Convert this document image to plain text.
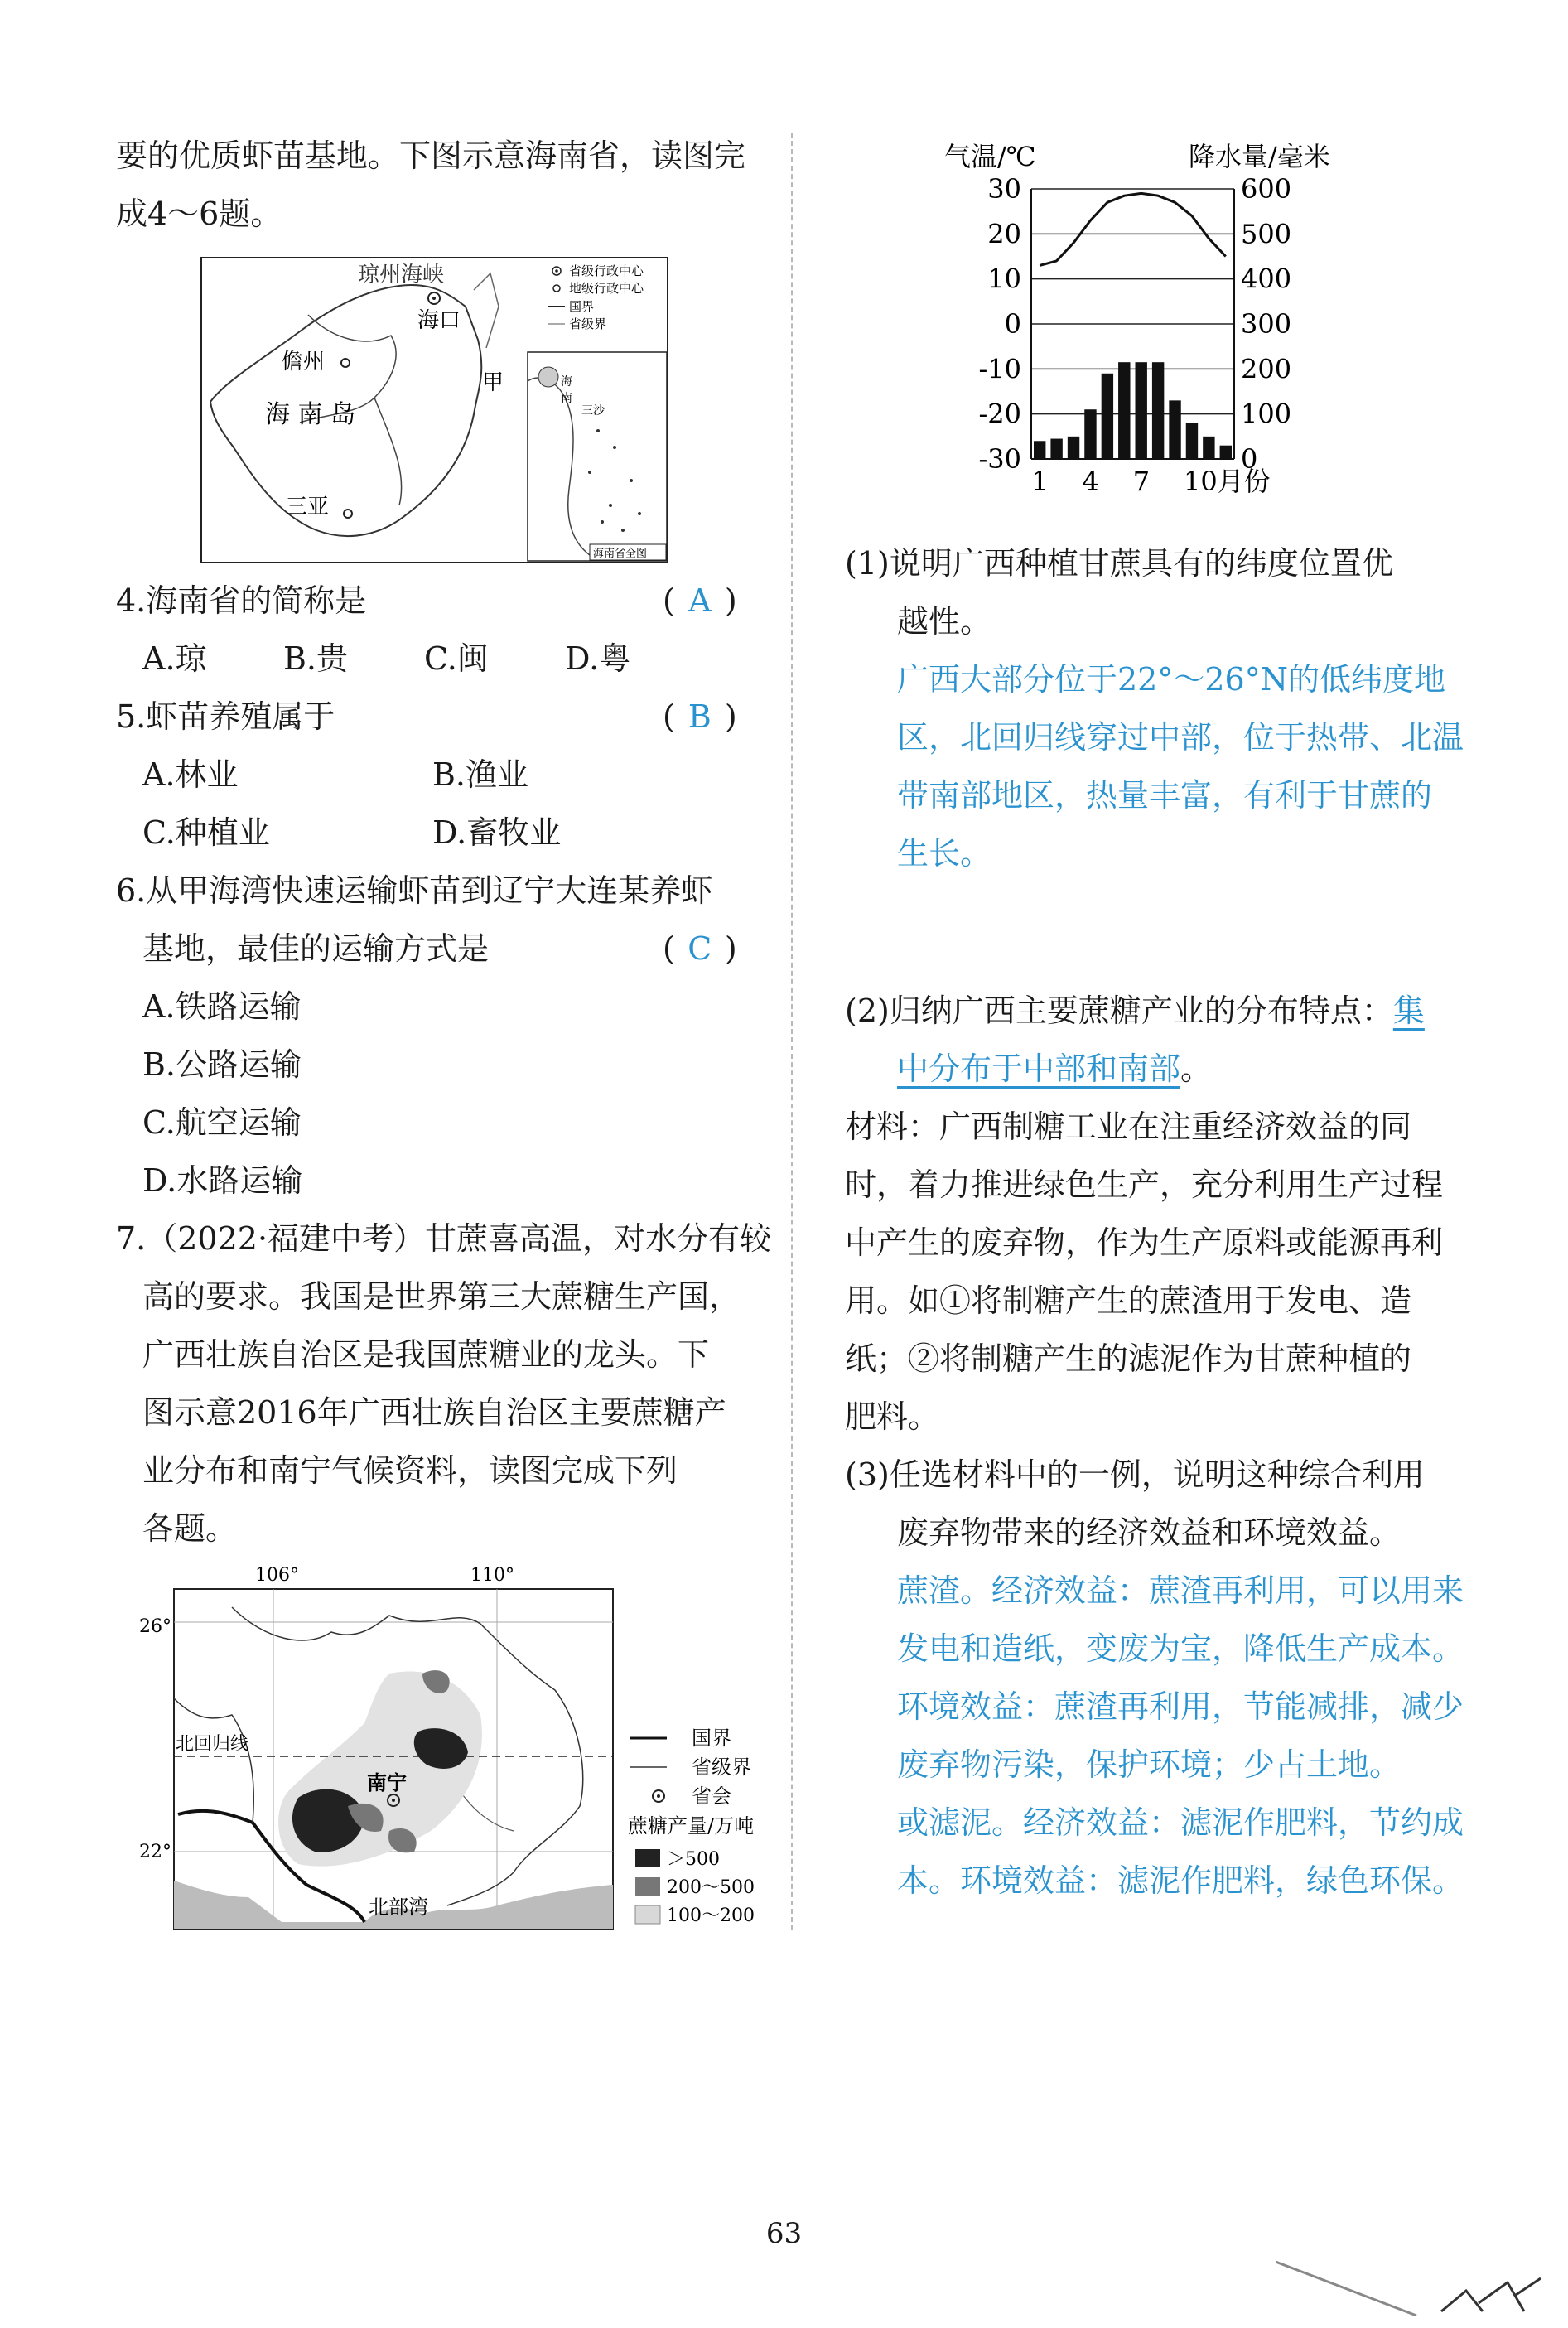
要的优质虾苗基地。下图示意海南省，读图完
成4～6题。
琼州海峡
海口
儋州
海 南 岛
三亚
甲
省级行政中心
地级行政中心
国界
省级界
海
南
三沙
海南省全图
4.海南省的简称是	( A )
A.琼 B.贵 C.闽 D.粤
5.虾苗养殖属于	( B )
A.林业	B.渔业
C.种植业	D.畜牧业
6.从甲海湾快速运输虾苗到辽宁大连某养虾
基地，最佳的运输方式是	( C )
A.铁路运输
B.公路运输
C.航空运输
D.水路运输
7.（2022·福建中考）甘蔗喜高温，对水分有较
高的要求。我国是世界第三大蔗糖生产国，
广西壮族自治区是我国蔗糖业的龙头。下
图示意2016年广西壮族自治区主要蔗糖产
业分布和南宁气候资料，读图完成下列
各题。
106°	110°
26°
22°
北回归线
南宁
北部湾
国界
省级界
省会
蔗糖产量/万吨
＞500
200～500
100～200
气温/℃	降水量/毫米
30
20
10
0
-10
-20
-30
600
500
400
300
200
100
0
1 4 7 10月份
(1)说明广西种植甘蔗具有的纬度位置优
越性。
广西大部分位于22°～26°N的低纬度地
区，北回归线穿过中部，位于热带、北温
带南部地区，热量丰富，有利于甘蔗的
生长。
(2)归纳广西主要蔗糖产业的分布特点：集
中分布于中部和南部。
材料：广西制糖工业在注重经济效益的同
时，着力推进绿色生产，充分利用生产过程
中产生的废弃物，作为生产原料或能源再利
用。如①将制糖产生的蔗渣用于发电、造
纸；②将制糖产生的滤泥作为甘蔗种植的
肥料。
(3)任选材料中的一例，说明这种综合利用
废弃物带来的经济效益和环境效益。
蔗渣。经济效益：蔗渣再利用，可以用来
发电和造纸，变废为宝，降低生产成本。
环境效益：蔗渣再利用，节能减排，减少
废弃物污染，保护环境；少占土地。
或滤泥。经济效益：滤泥作肥料，节约成
本。环境效益：滤泥作肥料，绿色环保。
63
